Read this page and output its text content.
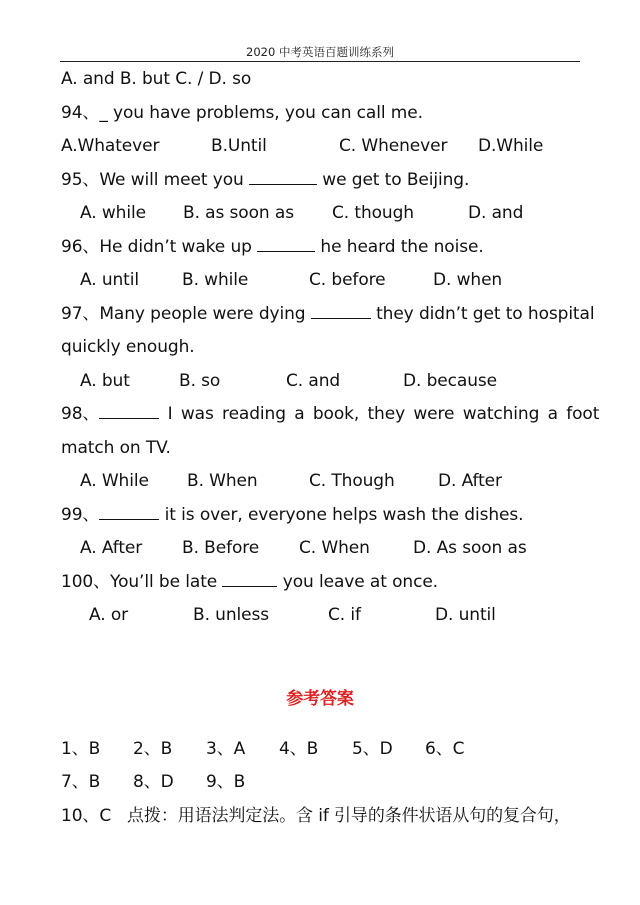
2020 中考英语百题训练系列
A. and B. but C. / D. so
94、_ you have problems, you can call me.
A.Whatever	B.Until	C. Whenever D.While
95、We will meet you	we get to Beijing.
A. while B. as soon as C. though	D. and
96、He didn’t wake up	he heard the noise.
A. until	B. while	C. before	D. when
97、Many people were dying	they didn’t get to hospital
quickly enough.
A. but	B. so	C. and	D. because
98、	I was reading a book, they were watching a foot
match on TV.
A. While B. When	C. Though	D. After
99、	it is over, everyone helps wash the dishes.
A. After B. Before C. When	D. As soon as
100、You’ll be late	you leave at once.
A. or	B. unless	C. if	D. until
参考答案
1、B 2、B 3、A 4、B 5、D 6、C
7、B 8、D 9、B
10、C   点拨：用语法判定法。含 if 引导的条件状语从句的复合句，
